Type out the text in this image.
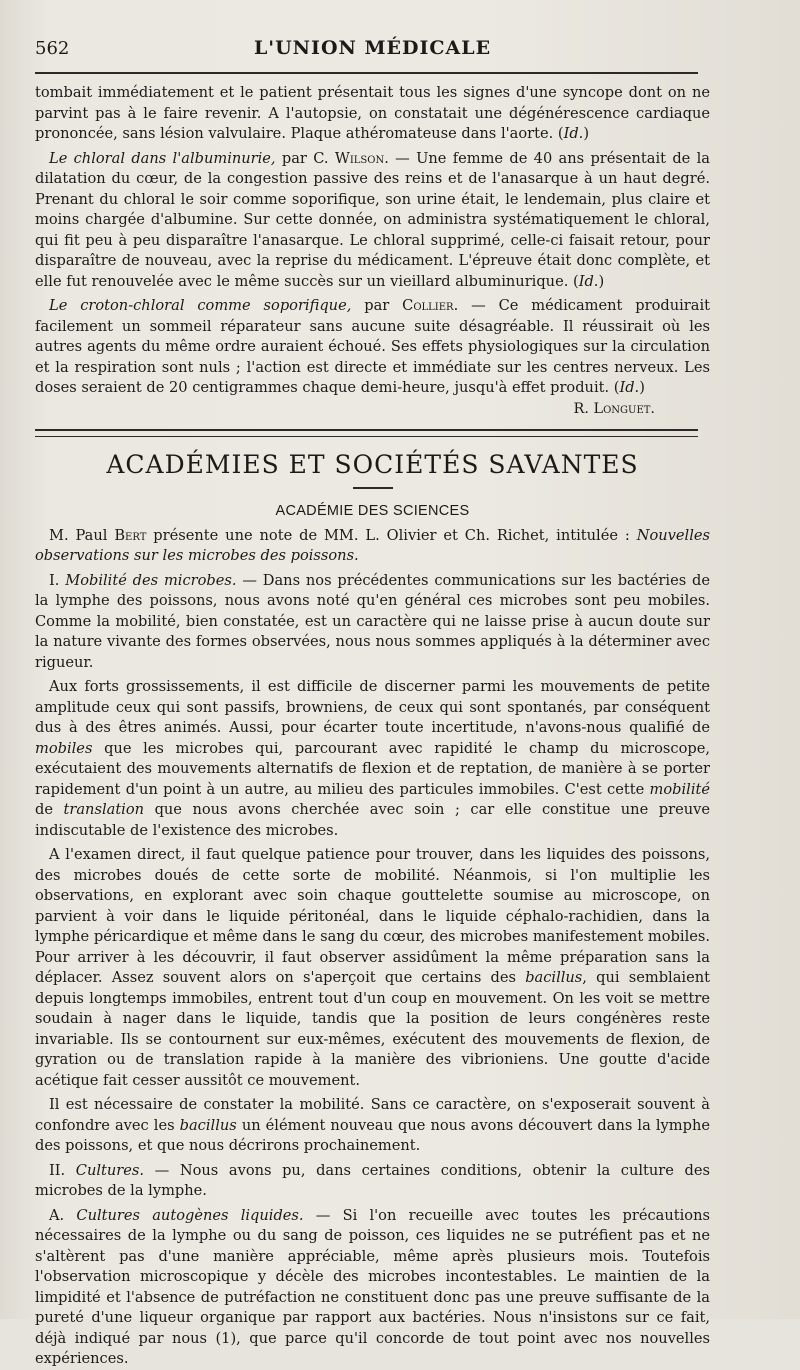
562	L'UNION MÉDICALE

tombait immédiatement et le patient présentait tous les signes d'une syncope dont on ne parvint pas à le faire revenir. A l'autopsie, on constatait une dégénérescence cardiaque prononcée, sans lésion valvulaire. Plaque athéromateuse dans l'aorte. (Id.)

Le chloral dans l'albuminurie, par C. Wilson. — Une femme de 40 ans présentait de la dilatation du cœur, de la congestion passive des reins et de l'anasarque à un haut degré. Prenant du chloral le soir comme soporifique, son urine était, le lendemain, plus claire et moins chargée d'albumine. Sur cette donnée, on administra systématiquement le chloral, qui fit peu à peu disparaître l'anasarque. Le chloral supprimé, celle-ci faisait retour, pour disparaître de nouveau, avec la reprise du médicament. L'épreuve était donc complète, et elle fut renouvelée avec le même succès sur un vieillard albuminurique. (Id.)

Le croton-chloral comme soporifique, par Collier. — Ce médicament produirait facilement un sommeil réparateur sans aucune suite désagréable. Il réussirait où les autres agents du même ordre auraient échoué. Ses effets physiologiques sur la circulation et la respiration sont nuls ; l'action est directe et immédiate sur les centres nerveux. Les doses seraient de 20 centigrammes chaque demi-heure, jusqu'à effet produit. (Id.)

R. Longuet.

ACADÉMIES ET SOCIÉTÉS SAVANTES

ACADÉMIE DES SCIENCES

M. Paul Bert présente une note de MM. L. Olivier et Ch. Richet, intitulée : Nouvelles observations sur les microbes des poissons.

I. Mobilité des microbes. — Dans nos précédentes communications sur les bactéries de la lymphe des poissons, nous avons noté qu'en général ces microbes sont peu mobiles. Comme la mobilité, bien constatée, est un caractère qui ne laisse prise à aucun doute sur la nature vivante des formes observées, nous nous sommes appliqués à la déterminer avec rigueur.

Aux forts grossissements, il est difficile de discerner parmi les mouvements de petite amplitude ceux qui sont passifs, browniens, de ceux qui sont spontanés, par conséquent dus à des êtres animés. Aussi, pour écarter toute incertitude, n'avons-nous qualifié de mobiles que les microbes qui, parcourant avec rapidité le champ du microscope, exécutaient des mouvements alternatifs de flexion et de reptation, de manière à se porter rapidement d'un point à un autre, au milieu des particules immobiles. C'est cette mobilité de translation que nous avons cherchée avec soin ; car elle constitue une preuve indiscutable de l'existence des microbes.

A l'examen direct, il faut quelque patience pour trouver, dans les liquides des poissons, des microbes doués de cette sorte de mobilité. Néanmois, si l'on multiplie les observations, en explorant avec soin chaque gouttelette soumise au microscope, on parvient à voir dans le liquide péritonéal, dans le liquide céphalo-rachidien, dans la lymphe péricardique et même dans le sang du cœur, des microbes manifestement mobiles. Pour arriver à les découvrir, il faut observer assidûment la même préparation sans la déplacer. Assez souvent alors on s'aperçoit que certains des bacillus, qui semblaient depuis longtemps immobiles, entrent tout d'un coup en mouvement. On les voit se mettre soudain à nager dans le liquide, tandis que la position de leurs congénères reste invariable. Ils se contournent sur eux-mêmes, exécutent des mouvements de flexion, de gyration ou de translation rapide à la manière des vibrioniens. Une goutte d'acide acétique fait cesser aussitôt ce mouvement.

Il est nécessaire de constater la mobilité. Sans ce caractère, on s'exposerait souvent à confondre avec les bacillus un élément nouveau que nous avons découvert dans la lymphe des poissons, et que nous décrirons prochainement.

II. Cultures. — Nous avons pu, dans certaines conditions, obtenir la culture des microbes de la lymphe.

A. Cultures autogènes liquides. — Si l'on recueille avec toutes les précautions nécessaires de la lymphe ou du sang de poisson, ces liquides ne se putréfient pas et ne s'altèrent pas d'une manière appréciable, même après plusieurs mois. Toutefois l'observation microscopique y décèle des microbes incontestables. Le maintien de la limpidité et l'absence de putréfaction ne constituent donc pas une preuve suffisante de la pureté d'une liqueur organique par rapport aux bactéries. Nous n'insistons sur ce fait, déjà indiqué par nous (1), que parce qu'il concorde de tout point avec nos nouvelles expériences.
